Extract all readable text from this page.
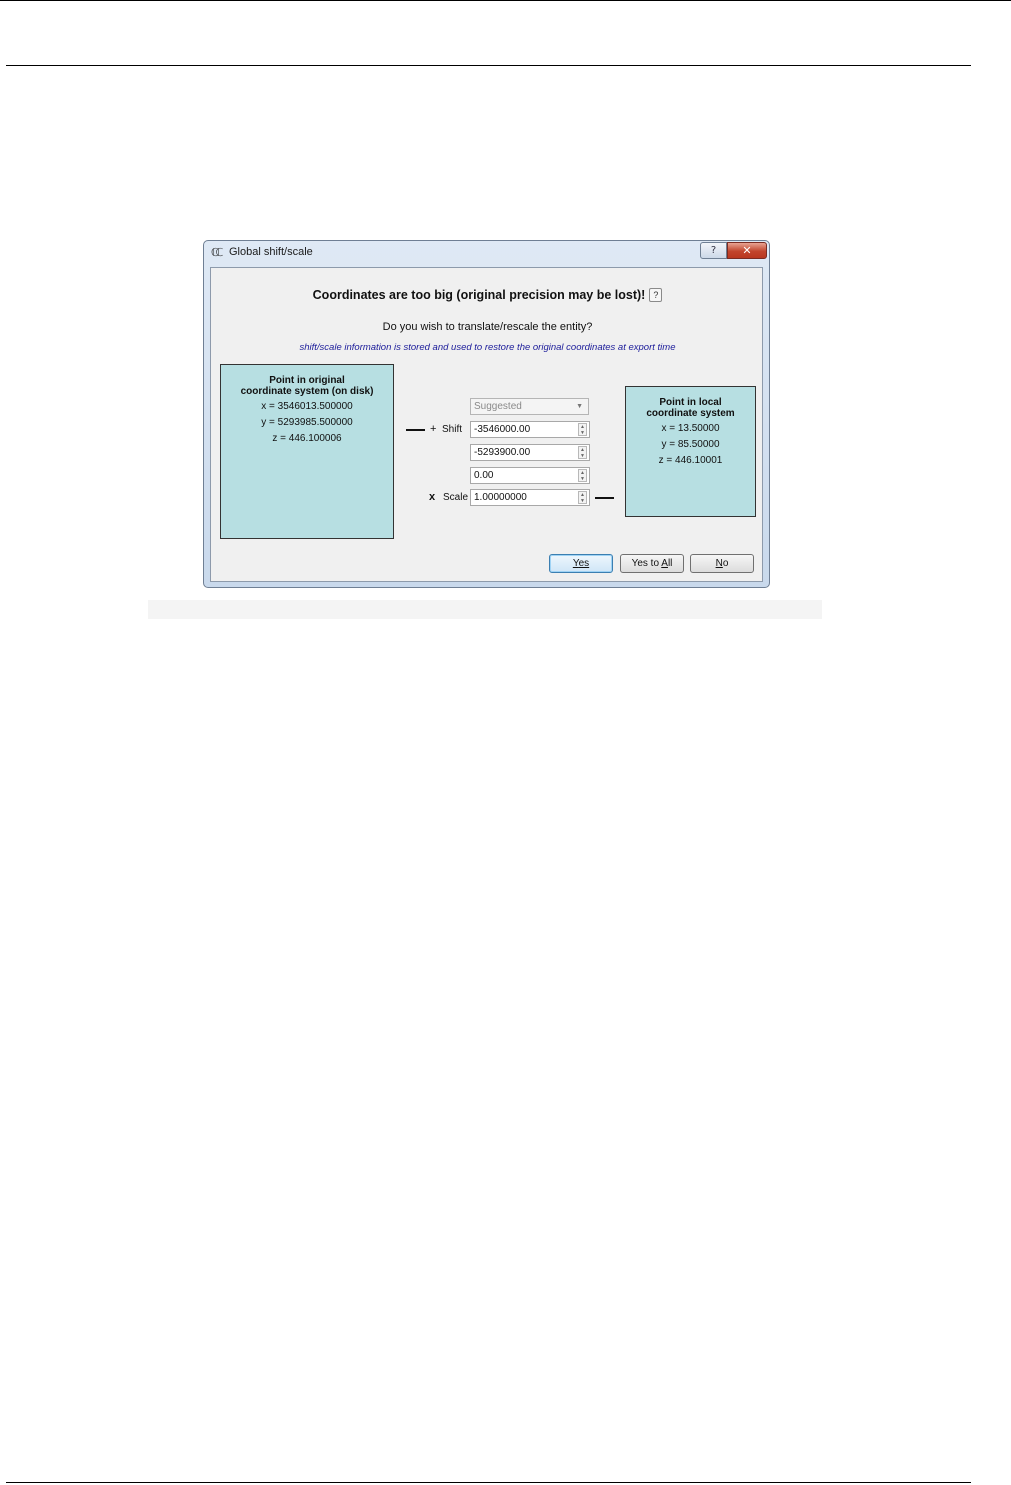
ℂℂ Global shift/scale	?	✕
Coordinates are too big (original precision may be lost)! ?
Do you wish to translate/rescale the entity?
shift/scale information is stored and used to restore the original coordinates at export time
Point in original
coordinate system (on disk)
x = 3546013.500000
y = 5293985.500000
z = 446.100006
+ Shift
x Scale
Suggested	▼
-3546000.00	▲
▼
-5293900.00	▲
▼
0.00	▲
▼
1.00000000	▲
▼
Point in local
coordinate system
x = 13.50000
y = 85.50000
z = 446.10001
Yes	Yes to All	No
